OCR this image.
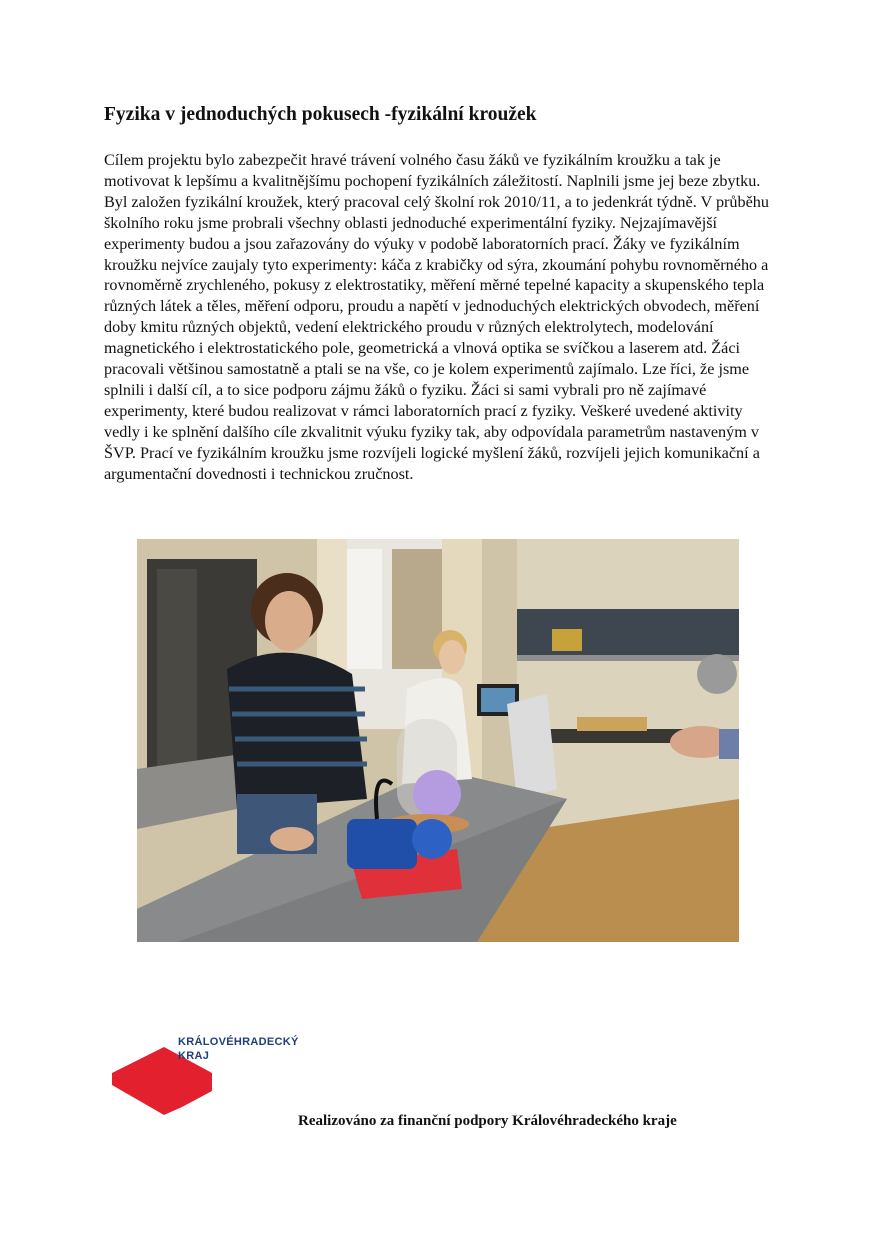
Fyzika v jednoduchých pokusech -fyzikální kroužek

Cílem projektu bylo zabezpečit hravé trávení volného času žáků ve fyzikálním kroužku a tak je motivovat k lepšímu a kvalitnějšímu pochopení fyzikálních záležitostí. Naplnili jsme jej beze zbytku. Byl založen fyzikální kroužek, který pracoval celý školní rok 2010/11, a to jedenkrát týdně. V průběhu školního roku jsme probrali všechny oblasti jednoduché experimentální fyziky. Nejzajímavější experimenty budou a jsou zařazovány do výuky v podobě laboratorních prací. Žáky ve fyzikálním kroužku nejvíce zaujaly tyto experimenty: káča z krabičky od sýra, zkoumání pohybu rovnoměrného a rovnoměrně zrychleného, pokusy z elektrostatiky, měření měrné tepelné kapacity a skupenského tepla různých látek a těles, měření odporu, proudu a napětí v jednoduchých elektrických obvodech, měření doby kmitu různých objektů, vedení elektrického proudu v různých elektrolytech, modelování magnetického i elektrostatického pole, geometrická a vlnová optika se svíčkou a laserem atd. Žáci pracovali většinou samostatně a ptali se na vše, co je kolem experimentů zajímalo. Lze říci, že jsme splnili i další cíl, a to sice podporu zájmu žáků o fyziku. Žáci si sami vybrali pro ně zajímavé experimenty, které budou realizovat v rámci laboratorních prací z fyziky. Veškeré uvedené aktivity vedly i ke splnění dalšího cíle zkvalitnit výuku fyziky tak, aby odpovídala parametrům nastaveným v ŠVP. Prací ve fyzikálním kroužku jsme rozvíjeli logické myšlení žáků, rozvíjeli jejich komunikační a argumentační dovednosti i technickou zručnost.

KRÁLOVÉHRADECKÝ
KRAJ
Realizováno za finanční podpory Královéhradeckého kraje
